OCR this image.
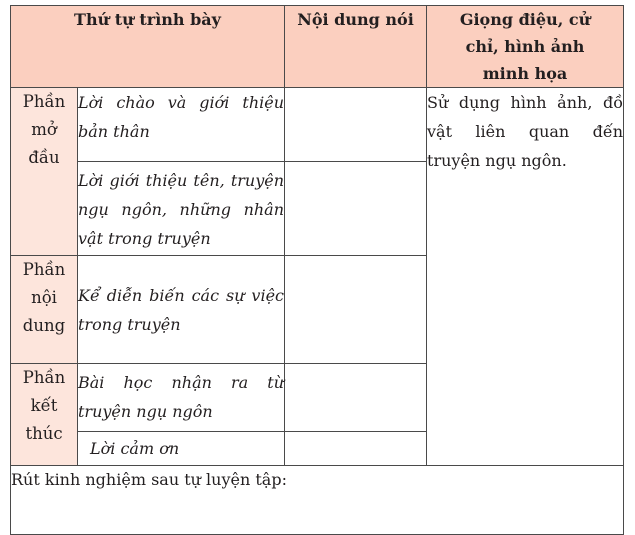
Thứ tự trình bày		Nội dung nói	Giọng điệu, cử chỉ, hình ảnh minh họa
Phần mở đầu	Lời chào và giới thiệu bản thân		Sử dụng hình ảnh, đồ vật liên quan đến truyện ngụ ngôn.
	Lời giới thiệu tên, truyện ngụ ngôn, những nhân vật trong truyện		
Phần nội dung	Kể diễn biến các sự việc trong truyện		
Phần kết thúc	Bài học nhận ra từ truyện ngụ ngôn		
	Lời cảm ơn		
Rút kinh nghiệm sau tự luyện tập:			
